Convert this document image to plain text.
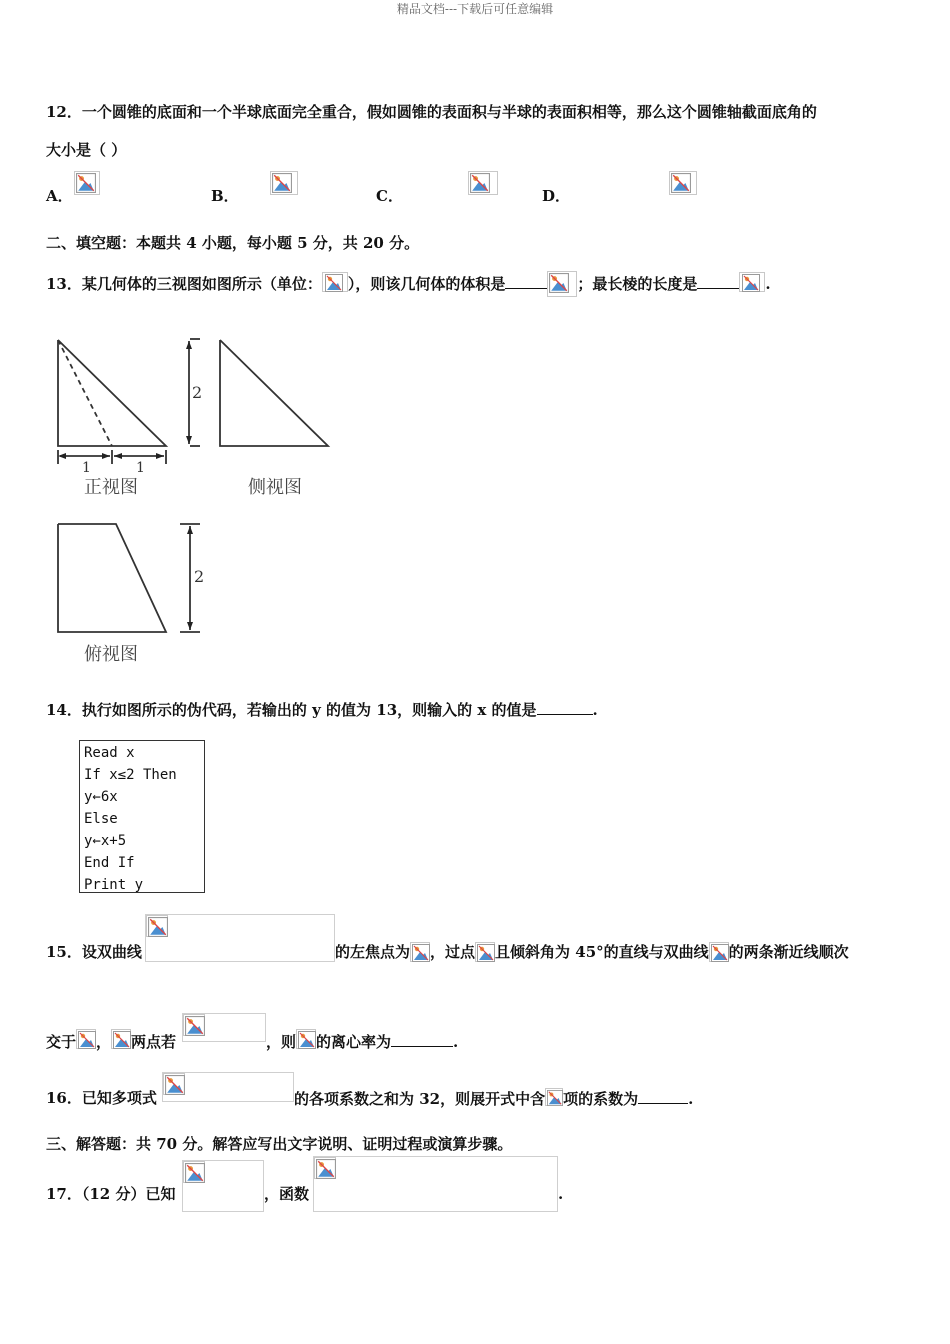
精品文档---下载后可任意编辑
12．一个圆锥的底面和一个半球底面完全重合，假如圆锥的表面积与半球的表面积相等，那么这个圆锥轴截面底角的
大小是（ ）
A．
	B．
	C．
	D．
二、填空题：本题共 4 小题，每小题 5 分，共 20 分。
13．某几何体的三视图如图所示（单位： ），则该几何体的体积是	；最长棱的长度是	.
2
1	1
2
正视图	侧视图
俯视图
14．执行如图所示的伪代码，若输出的 y 的值为 13，则输入的 x 的值是	.
Read x
If x≤2 Then
y←6x
Else
y←x+5
End If
Print y
15．设双曲线	的左焦点为 ，过点 且倾斜角为 45°的直线与双曲线 的两条渐近线顺次
交于 ， 两点若	，则 的离心率为	.
16．已知多项式	的各项系数之和为 32，则展开式中含 项的系数为	.
三、解答题：共 70 分。解答应写出文字说明、证明过程或演算步骤。
17．（12 分）已知	，函数	.
